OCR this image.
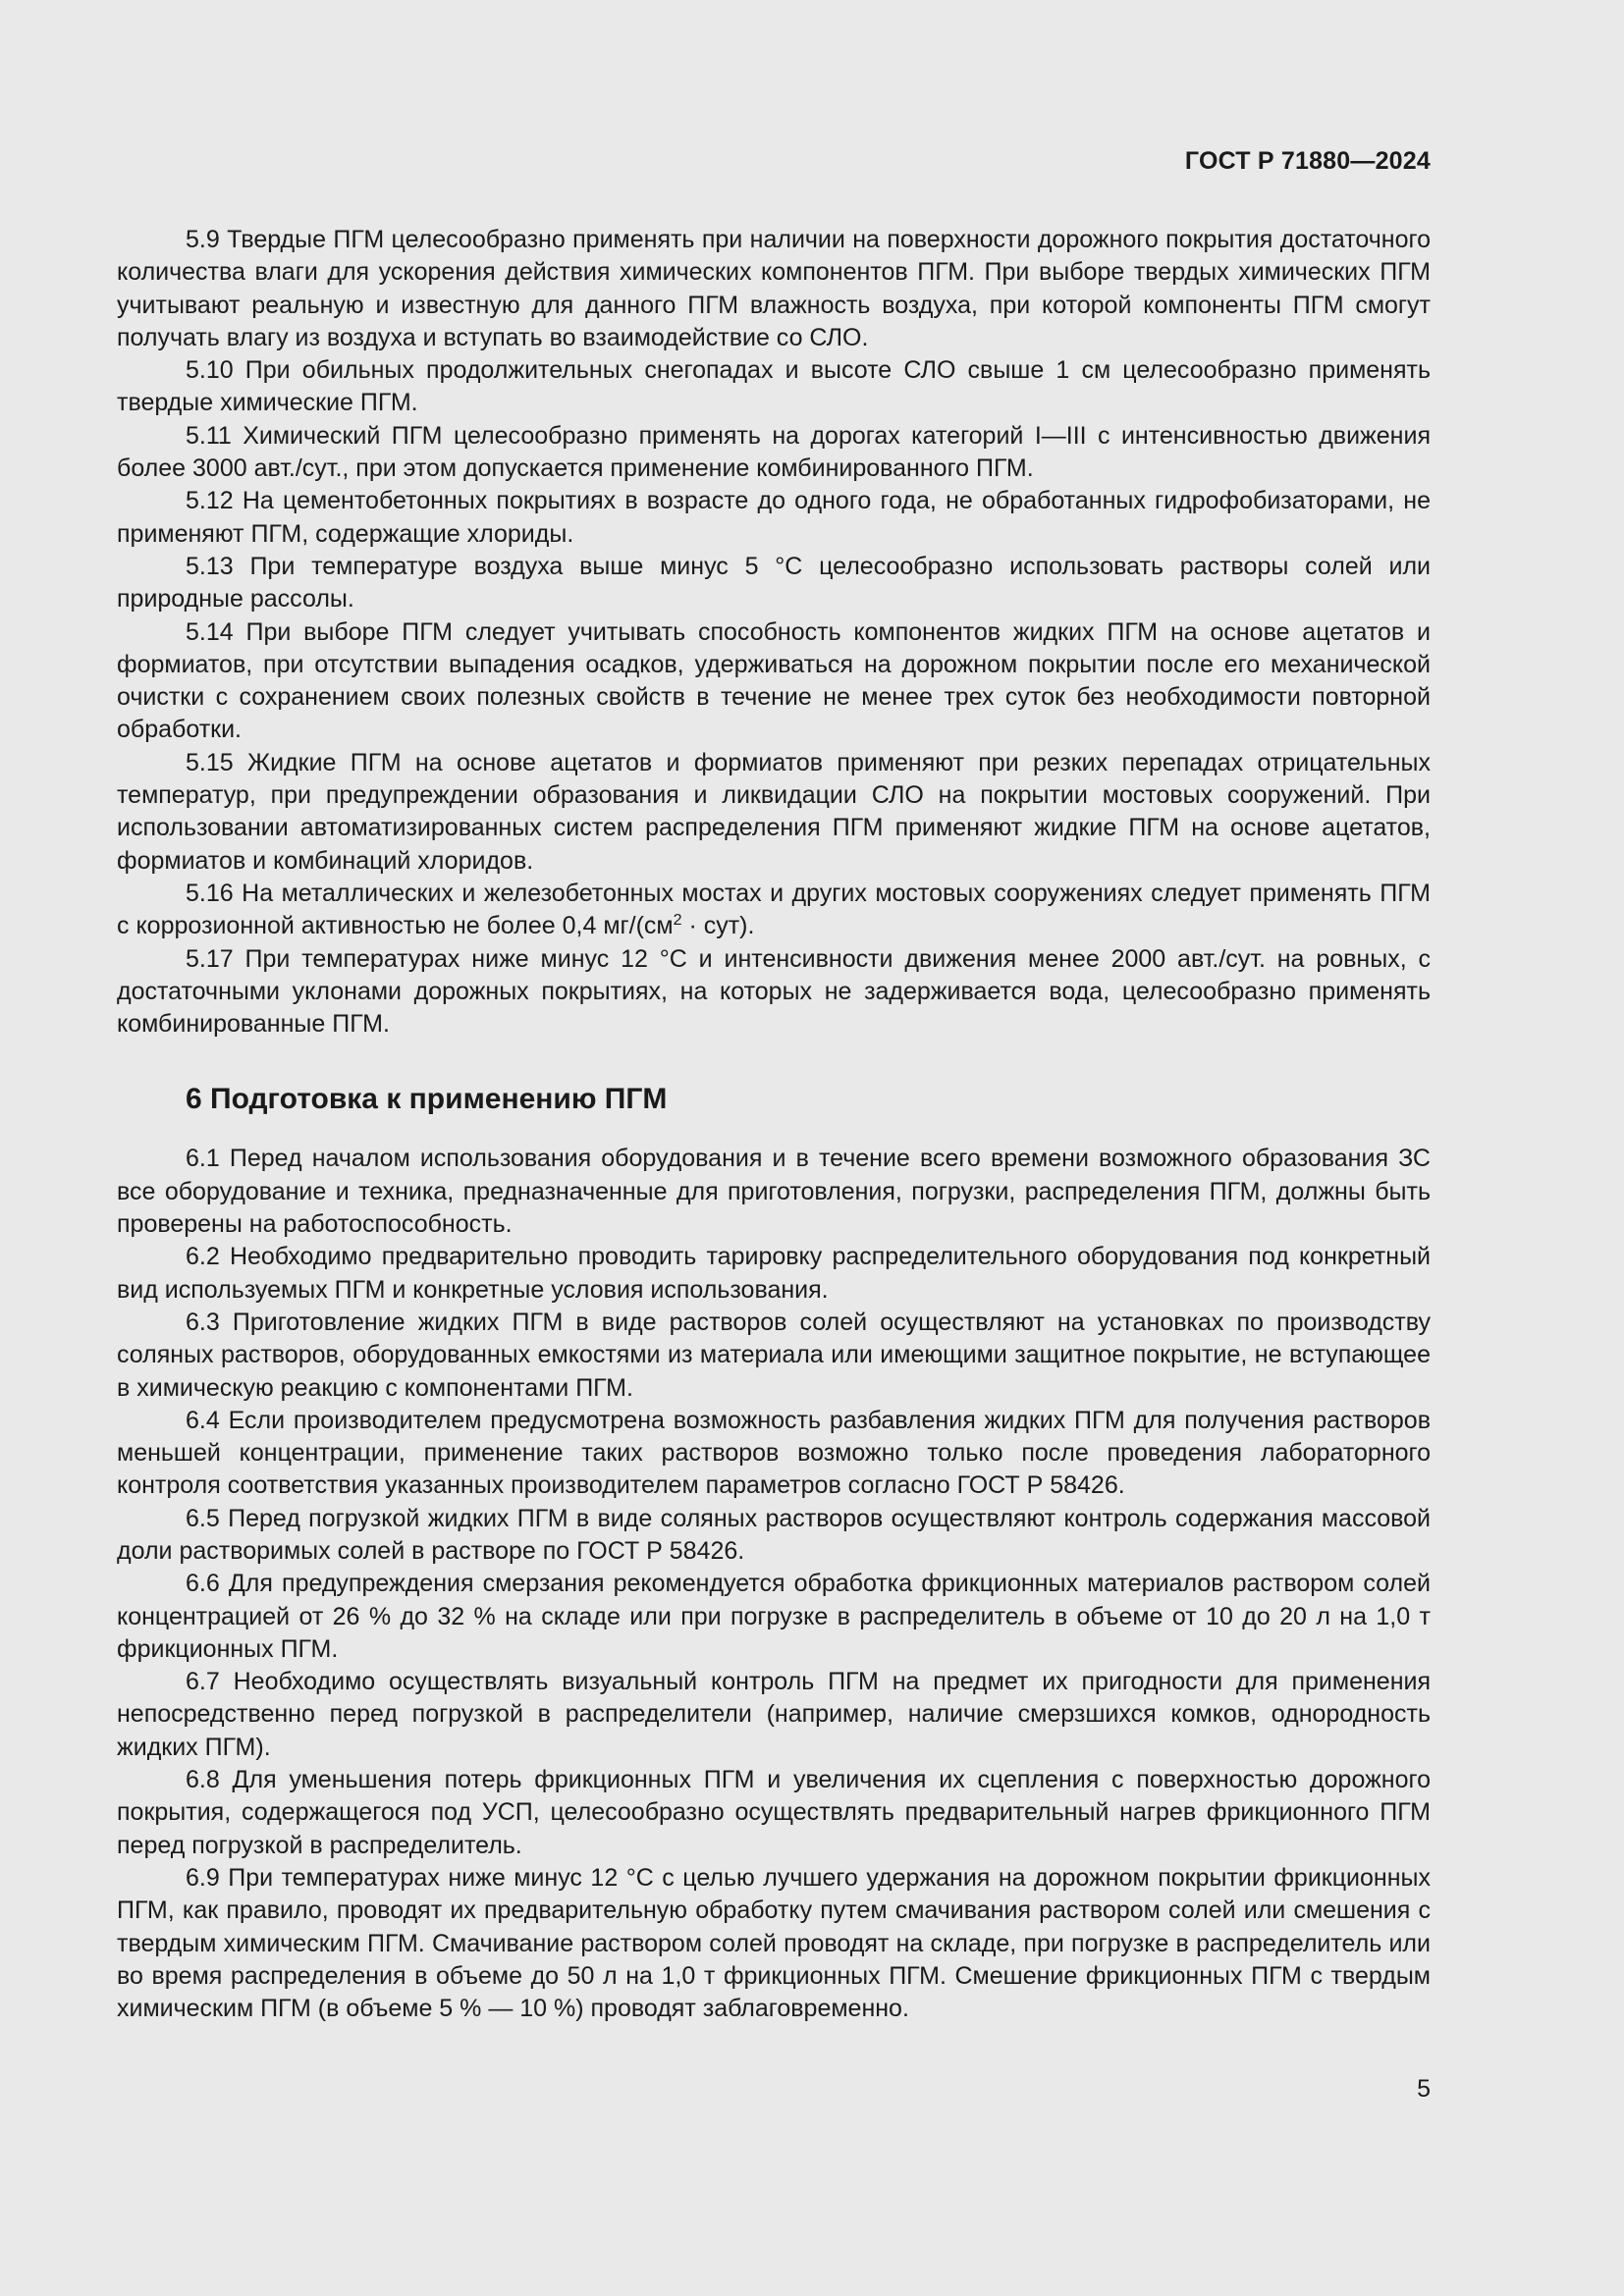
ГОСТ Р 71880—2024

5.9 Твердые ПГМ целесообразно применять при наличии на поверхности дорожного покрытия достаточного количества влаги для ускорения действия химических компонентов ПГМ. При выборе твердых химических ПГМ учитывают реальную и известную для данного ПГМ влажность воздуха, при которой компоненты ПГМ смогут получать влагу из воздуха и вступать во взаимодействие со СЛО.

5.10 При обильных продолжительных снегопадах и высоте СЛО свыше 1 см целесообразно применять твердые химические ПГМ.

5.11 Химический ПГМ целесообразно применять на дорогах категорий I—III с интенсивностью движения более 3000 авт./сут., при этом допускается применение комбинированного ПГМ.

5.12 На цементобетонных покрытиях в возрасте до одного года, не обработанных гидрофобизаторами, не применяют ПГМ, содержащие хлориды.

5.13 При температуре воздуха выше минус 5 °С целесообразно использовать растворы солей или природные рассолы.

5.14 При выборе ПГМ следует учитывать способность компонентов жидких ПГМ на основе ацетатов и формиатов, при отсутствии выпадения осадков, удерживаться на дорожном покрытии после его механической очистки с сохранением своих полезных свойств в течение не менее трех суток без необходимости повторной обработки.

5.15 Жидкие ПГМ на основе ацетатов и формиатов применяют при резких перепадах отрицательных температур, при предупреждении образования и ликвидации СЛО на покрытии мостовых сооружений. При использовании автоматизированных систем распределения ПГМ применяют жидкие ПГМ на основе ацетатов, формиатов и комбинаций хлоридов.

5.16 На металлических и железобетонных мостах и других мостовых сооружениях следует применять ПГМ с коррозионной активностью не более 0,4 $мг/(см^2 \cdot сут)$.

5.17 При температурах ниже минус 12 °С и интенсивности движения менее 2000 авт./сут. на ровных, с достаточными уклонами дорожных покрытиях, на которых не задерживается вода, целесообразно применять комбинированные ПГМ.

6 Подготовка к применению ПГМ

6.1 Перед началом использования оборудования и в течение всего времени возможного образования ЗС все оборудование и техника, предназначенные для приготовления, погрузки, распределения ПГМ, должны быть проверены на работоспособность.

6.2 Необходимо предварительно проводить тарировку распределительного оборудования под конкретный вид используемых ПГМ и конкретные условия использования.

6.3 Приготовление жидких ПГМ в виде растворов солей осуществляют на установках по производству соляных растворов, оборудованных емкостями из материала или имеющими защитное покрытие, не вступающее в химическую реакцию с компонентами ПГМ.

6.4 Если производителем предусмотрена возможность разбавления жидких ПГМ для получения растворов меньшей концентрации, применение таких растворов возможно только после проведения лабораторного контроля соответствия указанных производителем параметров согласно ГОСТ Р 58426.

6.5 Перед погрузкой жидких ПГМ в виде соляных растворов осуществляют контроль содержания массовой доли растворимых солей в растворе по ГОСТ Р 58426.

6.6 Для предупреждения смерзания рекомендуется обработка фрикционных материалов раствором солей концентрацией от 26 % до 32 % на складе или при погрузке в распределитель в объеме от 10 до 20 л на 1,0 т фрикционных ПГМ.

6.7 Необходимо осуществлять визуальный контроль ПГМ на предмет их пригодности для применения непосредственно перед погрузкой в распределители (например, наличие смерзшихся комков, однородность жидких ПГМ).

6.8 Для уменьшения потерь фрикционных ПГМ и увеличения их сцепления с поверхностью дорожного покрытия, содержащегося под УСП, целесообразно осуществлять предварительный нагрев фрикционного ПГМ перед погрузкой в распределитель.

6.9 При температурах ниже минус 12 °С с целью лучшего удержания на дорожном покрытии фрикционных ПГМ, как правило, проводят их предварительную обработку путем смачивания раствором солей или смешения с твердым химическим ПГМ. Смачивание раствором солей проводят на складе, при погрузке в распределитель или во время распределения в объеме до 50 л на 1,0 т фрикционных ПГМ. Смешение фрикционных ПГМ с твердым химическим ПГМ (в объеме 5 % — 10 %) проводят заблаговременно.

5
